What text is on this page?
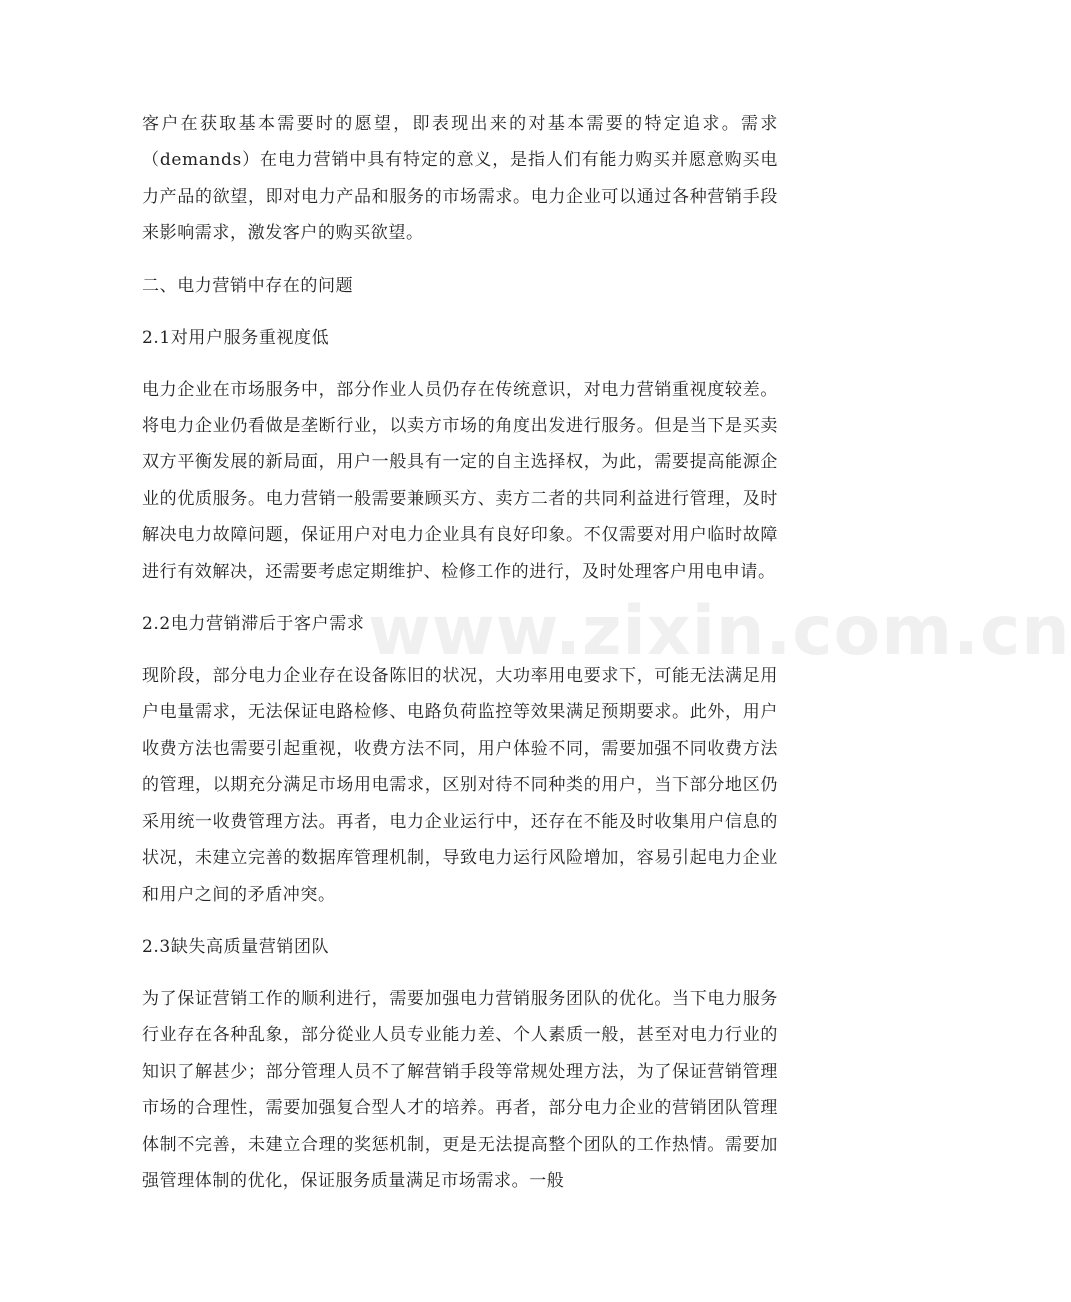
客户在获取基本需要时的愿望，即表现出来的对基本需要的特定追求。需求（demands）在电力营销中具有特定的意义，是指人们有能力购买并愿意购买电力产品的欲望，即对电力产品和服务的市场需求。电力企业可以通过各种营销手段来影响需求，激发客户的购买欲望。

二、电力营销中存在的问题

2.1对用户服务重视度低

电力企业在市场服务中，部分作业人员仍存在传统意识，对电力营销重视度较差。将电力企业仍看做是垄断行业，以卖方市场的角度出发进行服务。但是当下是买卖双方平衡发展的新局面，用户一般具有一定的自主选择权，为此，需要提高能源企业的优质服务。电力营销一般需要兼顾买方、卖方二者的共同利益进行管理，及时解决电力故障问题，保证用户对电力企业具有良好印象。不仅需要对用户临时故障进行有效解决，还需要考虑定期维护、检修工作的进行，及时处理客户用电申请。

2.2电力营销滞后于客户需求

现阶段，部分电力企业存在设备陈旧的状况，大功率用电要求下，可能无法满足用户电量需求，无法保证电路检修、电路负荷监控等效果满足预期要求。此外，用户收费方法也需要引起重视，收费方法不同，用户体验不同，需要加强不同收费方法的管理，以期充分满足市场用电需求，区别对待不同种类的用户，当下部分地区仍采用统一收费管理方法。再者，电力企业运行中，还存在不能及时收集用户信息的状况，未建立完善的数据库管理机制，导致电力运行风险增加，容易引起电力企业和用户之间的矛盾冲突。

2.3缺失高质量营销团队

为了保证营销工作的顺利进行，需要加强电力营销服务团队的优化。当下电力服务行业存在各种乱象，部分從业人员专业能力差、个人素质一般，甚至对电力行业的知识了解甚少；部分管理人员不了解营销手段等常规处理方法，为了保证营销管理市场的合理性，需要加强复合型人才的培养。再者，部分电力企业的营销团队管理体制不完善，未建立合理的奖惩机制，更是无法提高整个团队的工作热情。需要加强管理体制的优化，保证服务质量满足市场需求。一般

www.zixin.com.cn
